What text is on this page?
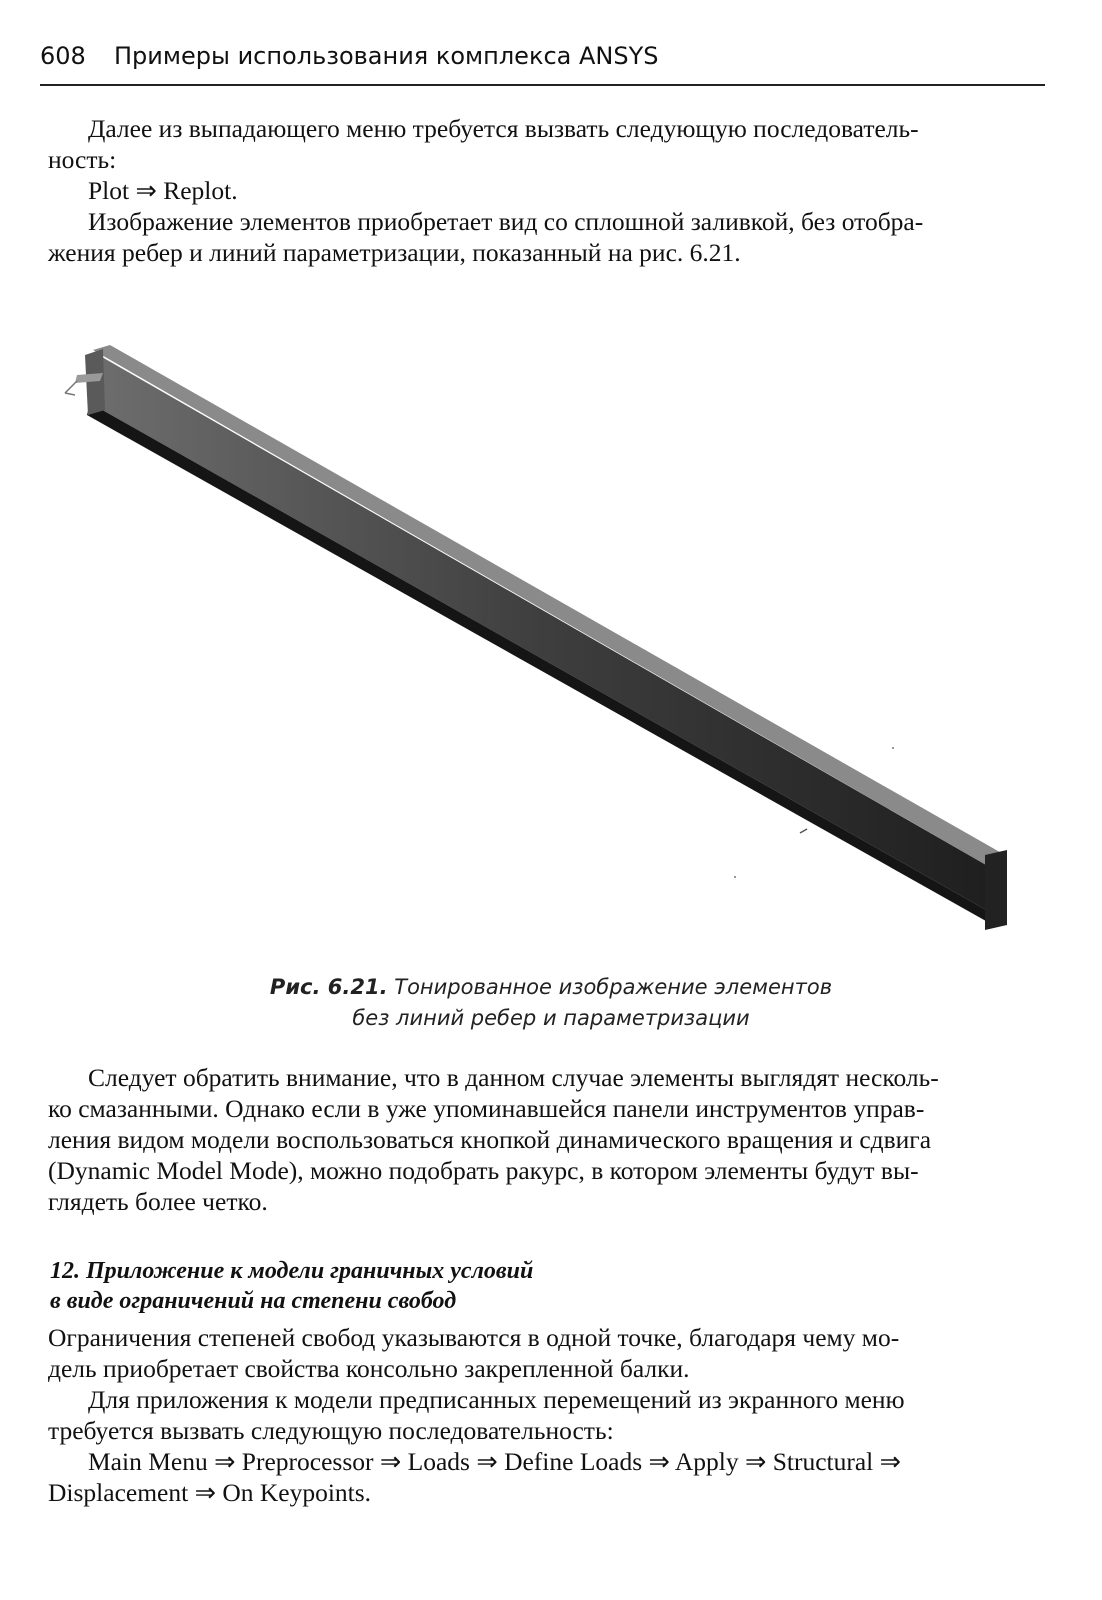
608 Примеры использования комплекса ANSYS

Далее из выпадающего меню требуется вызвать следующую последователь-

ность:

Plot ⇒ Replot.

Изображение элементов приобретает вид со сплошной заливкой, без отобра-

жения ребер и линий параметризации, показанный на рис. 6.21.

Рис. 6.21. Тонированное изображение элементов
без линий ребер и параметризации

Следует обратить внимание, что в данном случае элементы выглядят несколь-

ко смазанными. Однако если в уже упоминавшейся панели инструментов управ-

ления видом модели воспользоваться кнопкой динамического вращения и сдвига

(Dynamic Model Mode), можно подобрать ракурс, в котором элементы будут вы-

глядеть более четко.

12. Приложение к модели граничных условий
в виде ограничений на степени свобод

Ограничения степеней свобод указываются в одной точке, благодаря чему мо-

дель приобретает свойства консольно закрепленной балки.

Для приложения к модели предписанных перемещений из экранного меню

требуется вызвать следующую последовательность:

Main Menu ⇒ Preprocessor ⇒ Loads ⇒ Define Loads ⇒ Apply ⇒ Structural ⇒

Displacement ⇒ On Keypoints.
